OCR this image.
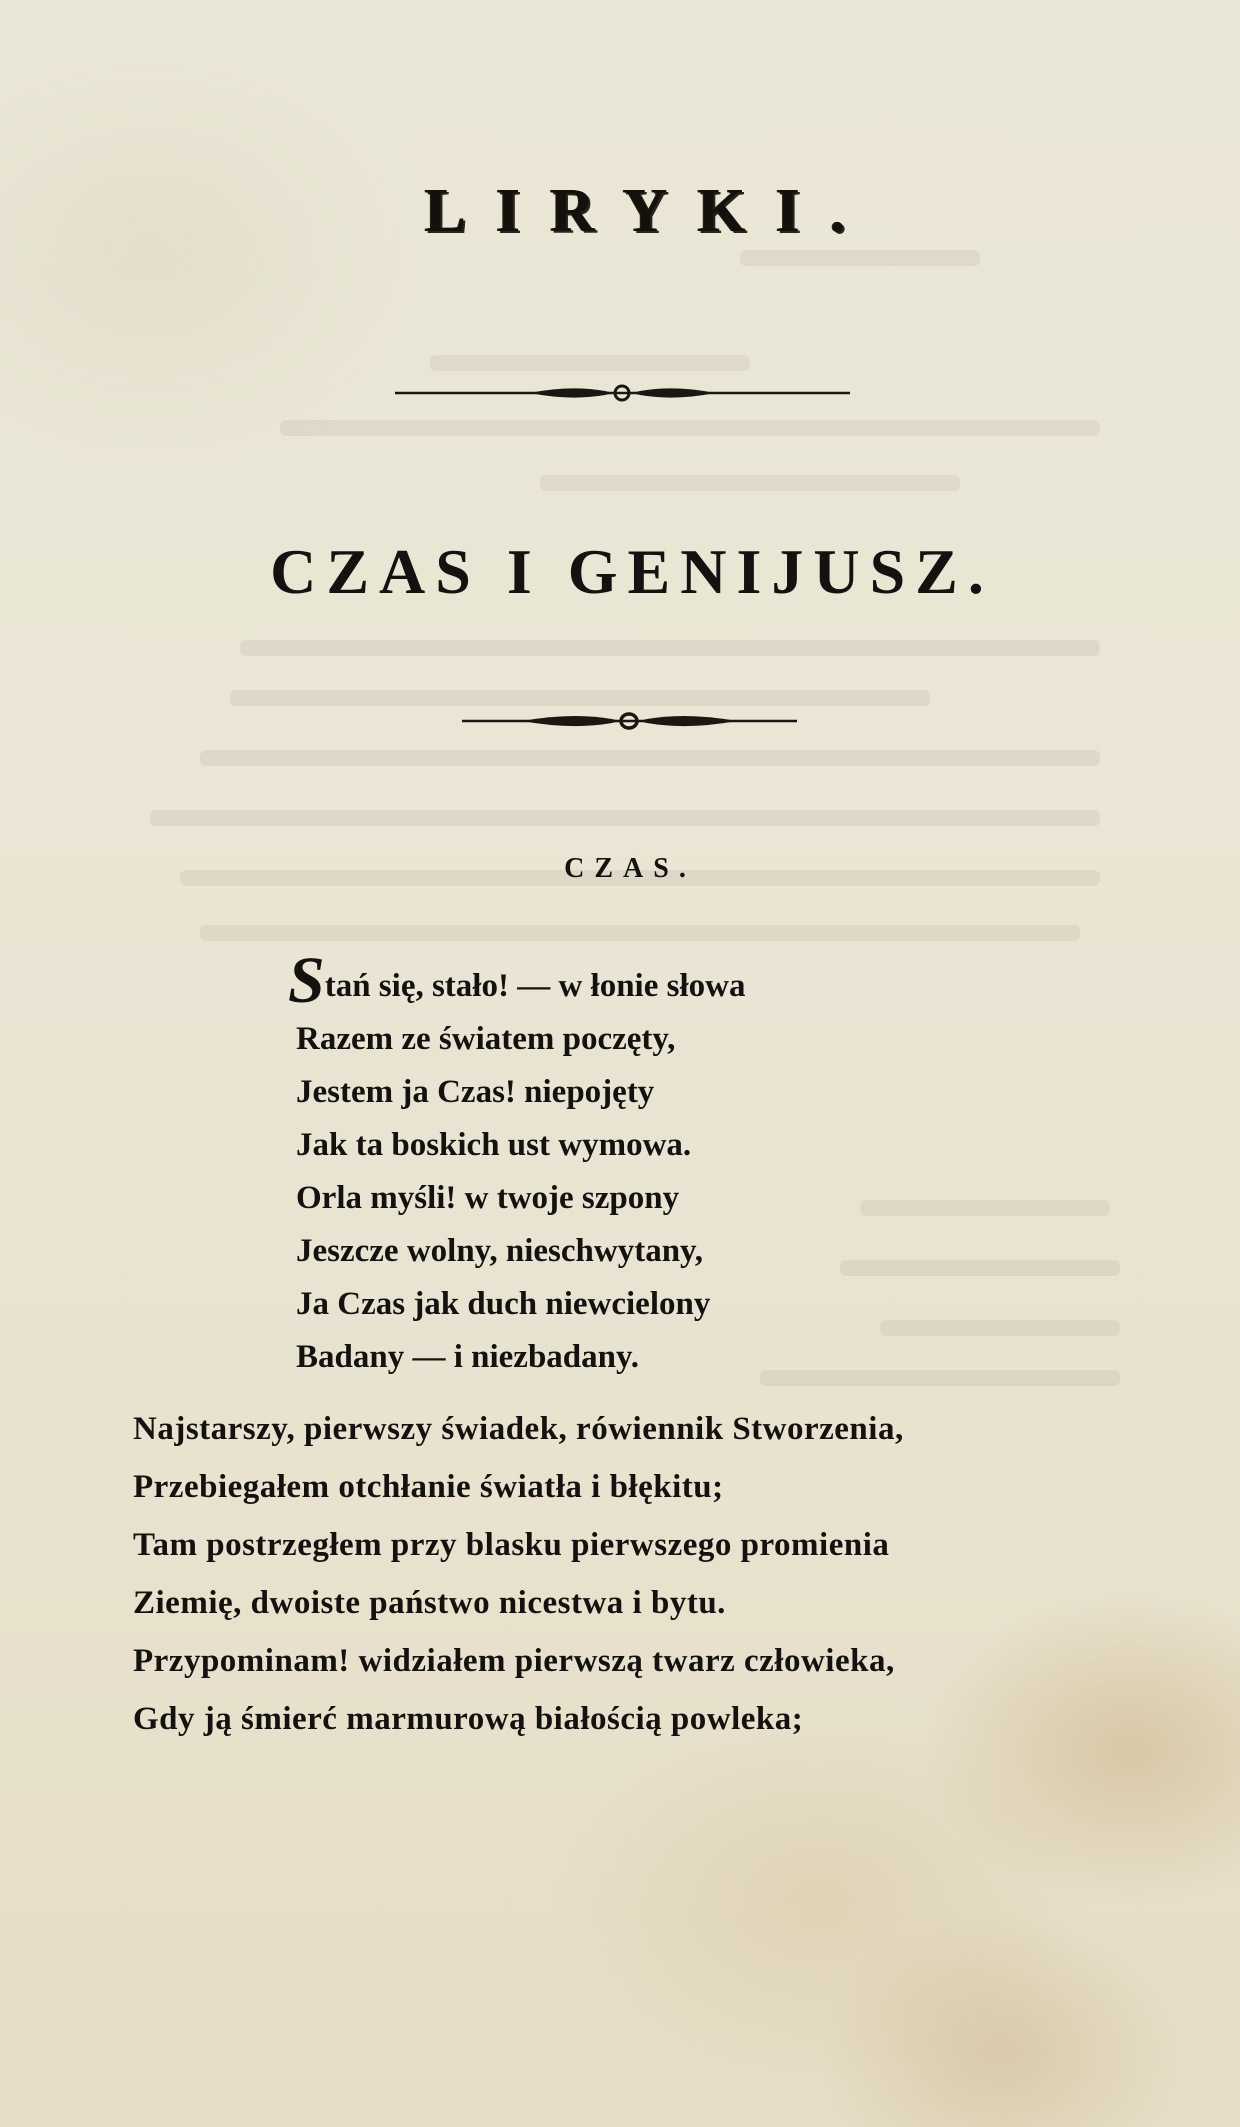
LIRYKI.
CZAS I GENIJUSZ.
CZAS.
Stań się, stało! — w łonie słowa
Razem ze światem poczęty,
Jestem ja Czas! niepojęty
Jak ta boskich ust wymowa.
Orla myśli! w twoje szpony
Jeszcze wolny, nieschwytany,
Ja Czas jak duch niewcielony
Badany — i niezbadany.
Najstarszy, pierwszy świadek, rówiennik Stworzenia,
Przebiegałem otchłanie światła i błękitu;
Tam postrzegłem przy blasku pierwszego promienia
Ziemię, dwoiste państwo nicestwa i bytu.
Przypominam! widziałem pierwszą twarz człowieka,
Gdy ją śmierć marmurową białością powleka;
